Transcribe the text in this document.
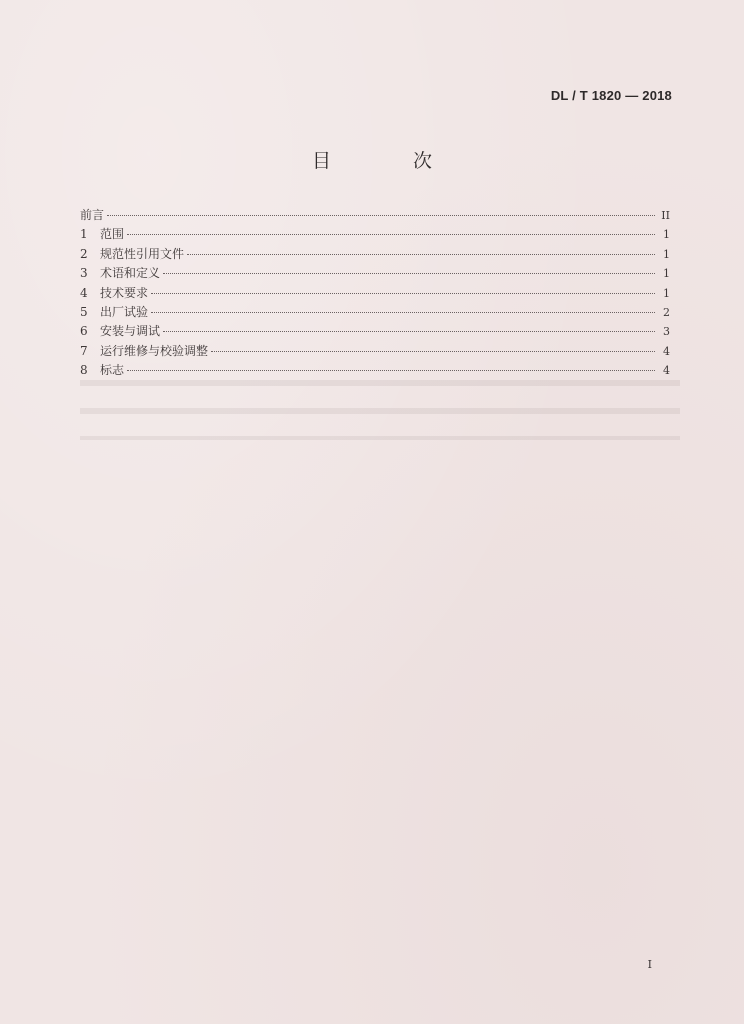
DL / T 1820 — 2018
目 次
前言	II
1	范围	1
2	规范性引用文件	1
3	术语和定义	1
4	技术要求	1
5	出厂试验	2
6	安装与调试	3
7	运行维修与校验调整	4
8	标志	4
I
